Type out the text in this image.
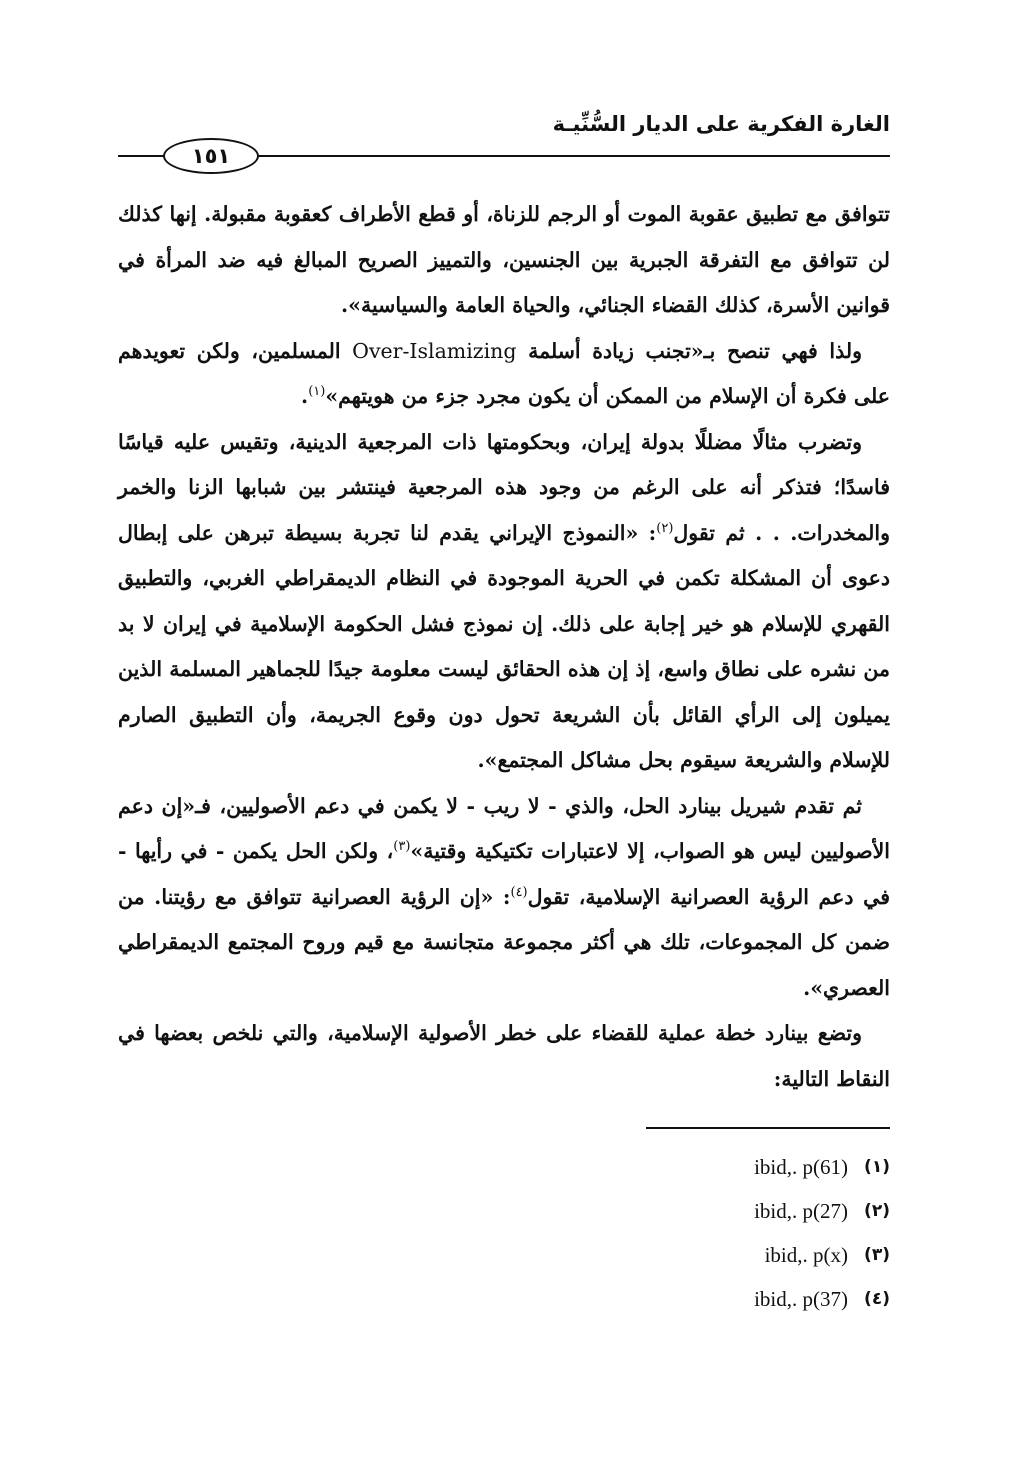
الغارة الفكرية على الديار السُّنِّيـة
١٥١

تتوافق مع تطبيق عقوبة الموت أو الرجم للزناة، أو قطع الأطراف كعقوبة مقبولة. إنها كذلك لن تتوافق مع التفرقة الجبرية بين الجنسين، والتمييز الصريح المبالغ فيه ضد المرأة في قوانين الأسرة، كذلك القضاء الجنائي، والحياة العامة والسياسية».

ولذا فهي تنصح بـ«تجنب زيادة أسلمة Over-Islamizing المسلمين، ولكن تعويدهم على فكرة أن الإسلام من الممكن أن يكون مجرد جزء من هويتهم»$^{(١)}$.

وتضرب مثالًا مضللًا بدولة إيران، وبحكومتها ذات المرجعية الدينية، وتقيس عليه قياسًا فاسدًا؛ فتذكر أنه على الرغم من وجود هذه المرجعية فينتشر بين شبابها الزنا والخمر والمخدرات. . . ثم تقول$^{(٢)}$: «النموذج الإيراني يقدم لنا تجربة بسيطة تبرهن على إبطال دعوى أن المشكلة تكمن في الحرية الموجودة في النظام الديمقراطي الغربي، والتطبيق القهري للإسلام هو خير إجابة على ذلك. إن نموذج فشل الحكومة الإسلامية في إيران لا بد من نشره على نطاق واسع، إذ إن هذه الحقائق ليست معلومة جيدًا للجماهير المسلمة الذين يميلون إلى الرأي القائل بأن الشريعة تحول دون وقوع الجريمة، وأن التطبيق الصارم للإسلام والشريعة سيقوم بحل مشاكل المجتمع».

ثم تقدم شيريل بينارد الحل، والذي - لا ريب - لا يكمن في دعم الأصوليين، فـ«إن دعم الأصوليين ليس هو الصواب، إلا لاعتبارات تكتيكية وقتية»$^{(٣)}$، ولكن الحل يكمن - في رأيها - في دعم الرؤية العصرانية الإسلامية، تقول$^{(٤)}$: «إن الرؤية العصرانية تتوافق مع رؤيتنا. من ضمن كل المجموعات، تلك هي أكثر مجموعة متجانسة مع قيم وروح المجتمع الديمقراطي العصري».

وتضع بينارد خطة عملية للقضاء على خطر الأصولية الإسلامية، والتي نلخص بعضها في النقاط التالية:

ibid,. p(61) (١)
ibid,. p(27) (٢)
ibid,. p(x) (٣)
ibid,. p(37) (٤)
